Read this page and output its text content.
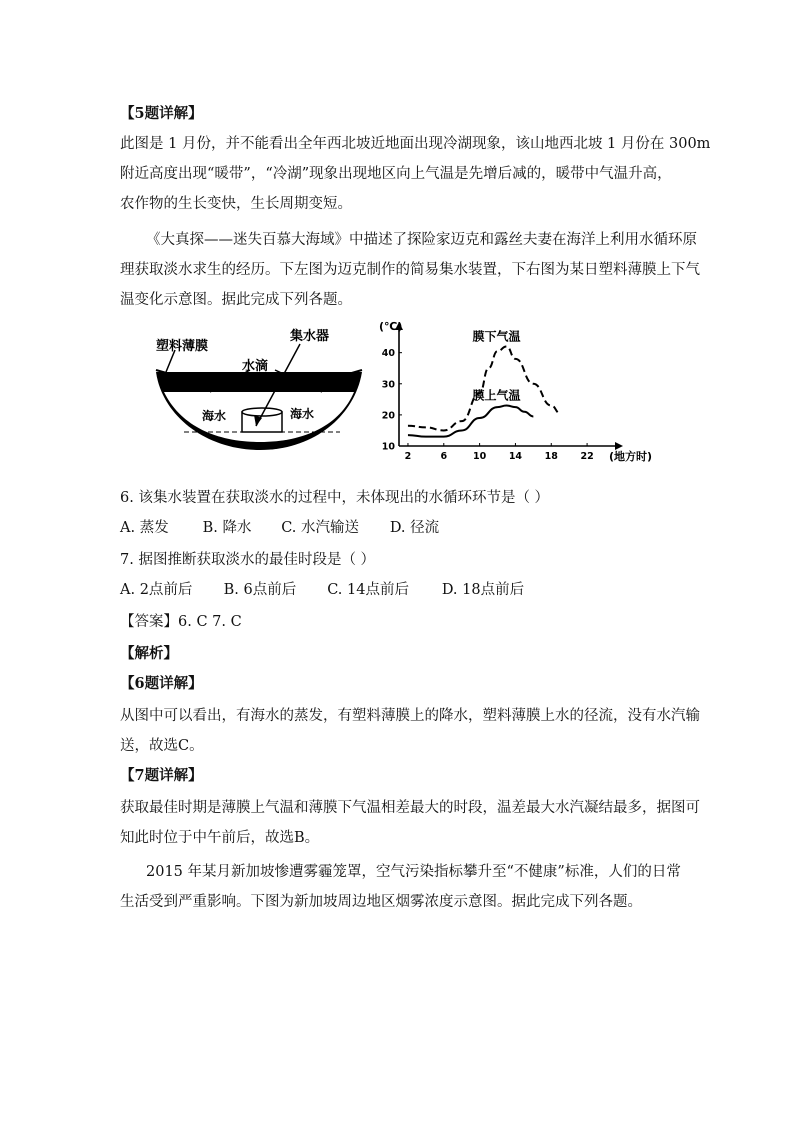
【5题详解】
此图是 1 月份，并不能看出全年西北坡近地面出现冷湖现象，该山地西北坡 1 月份在 300m
附近高度出现“暖带”，“冷湖”现象出现地区向上气温是先增后减的，暖带中气温升高，
农作物的生长变快，生长周期变短。
《大真探——迷失百慕大海域》中描述了探险家迈克和露丝夫妻在海洋上利用水循环原
理获取淡水求生的经历。下左图为迈克制作的简易集水装置，下右图为某日塑料薄膜上下气
温变化示意图。据此完成下列各题。
塑料薄膜
集水器
水滴
海水	海水
2	6	10 14 18 22
10
20
30
40
(℃)
(地方时)
膜下气温
膜上气温
6. 该集水装置在获取淡水的过程中，未体现出的水循环环节是（ ）
A. 蒸发 B. 降水 C. 水汽输送 D. 径流
7. 据图推断获取淡水的最佳时段是（ ）
A. 2点前后 B. 6点前后 C. 14点前后 D. 18点前后
【答案】6. C 7. C
【解析】
【6题详解】
从图中可以看出，有海水的蒸发，有塑料薄膜上的降水，塑料薄膜上水的径流，没有水汽输
送，故选C。
【7题详解】
获取最佳时期是薄膜上气温和薄膜下气温相差最大的时段，温差最大水汽凝结最多，据图可
知此时位于中午前后，故选B。
2015 年某月新加坡惨遭雾霾笼罩，空气污染指标攀升至“不健康”标准，人们的日常
生活受到严重影响。下图为新加坡周边地区烟雾浓度示意图。据此完成下列各题。
